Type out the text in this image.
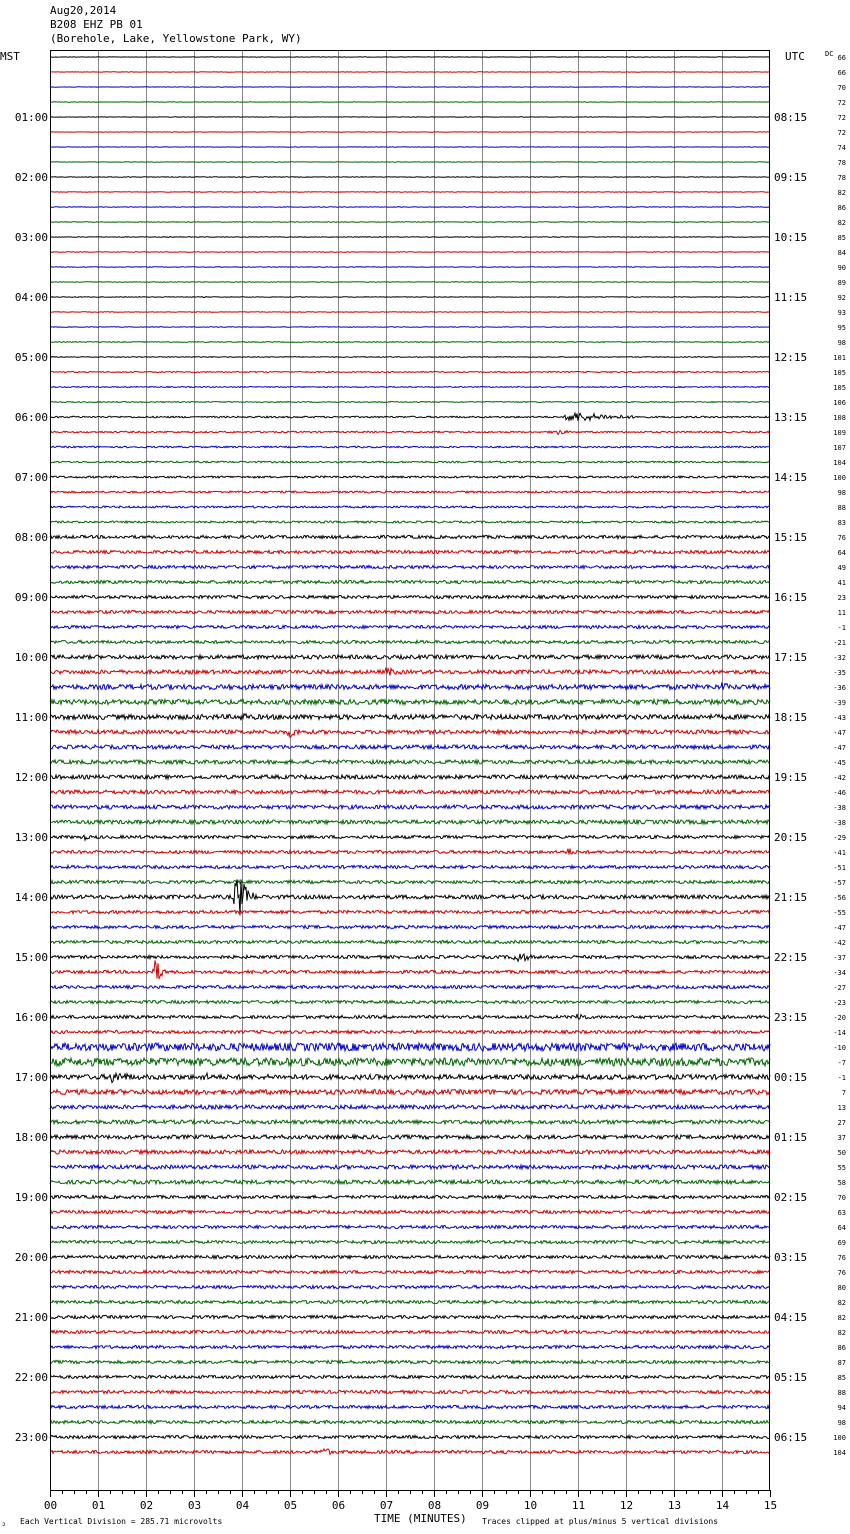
Aug20,2014
B208 EHZ PB 01
(Borehole, Lake, Yellowstone Park, WY)
00	01	02	03	04	05	06	07	08	09	10	11	12	13	14	15
66
66
70
72
72
72
74
78
78
82
86
82
85
84
90
89
92
93
95
98
101
105
105
106
108
109
107
104
100
98
88
83
76
64
49
41
23
11
-1
-21
-32
-35
-36
-39
-43
-47
-47
-45
-42
-46
-38
-38
-29
-41
-51
-57
-56
-55
-47
-42
-37
-34
-27
-23
-20
-14
-10
-7
-1
7
13
27
37
50
55
58
70
63
64
69
76
76
80
82
82
82
86
87
85
88
94
98
100
104
01:00	08:15
02:00	09:15
03:00	10:15
04:00	11:15
05:00	12:15
06:00	13:15
07:00	14:15
08:00	15:15
09:00	16:15
10:00	17:15
11:00	18:15
12:00	19:15
13:00	20:15
14:00	21:15
15:00	22:15
16:00	23:15
17:00	00:15
18:00	01:15
19:00	02:15
20:00	03:15
21:00	04:15
22:00	05:15
23:00	06:15
MST	UTC	DC
TIME (MINUTES)
Each Vertical Division = 285.71 microvolts	Traces clipped at plus/minus 5 vertical divisions
ↄ
